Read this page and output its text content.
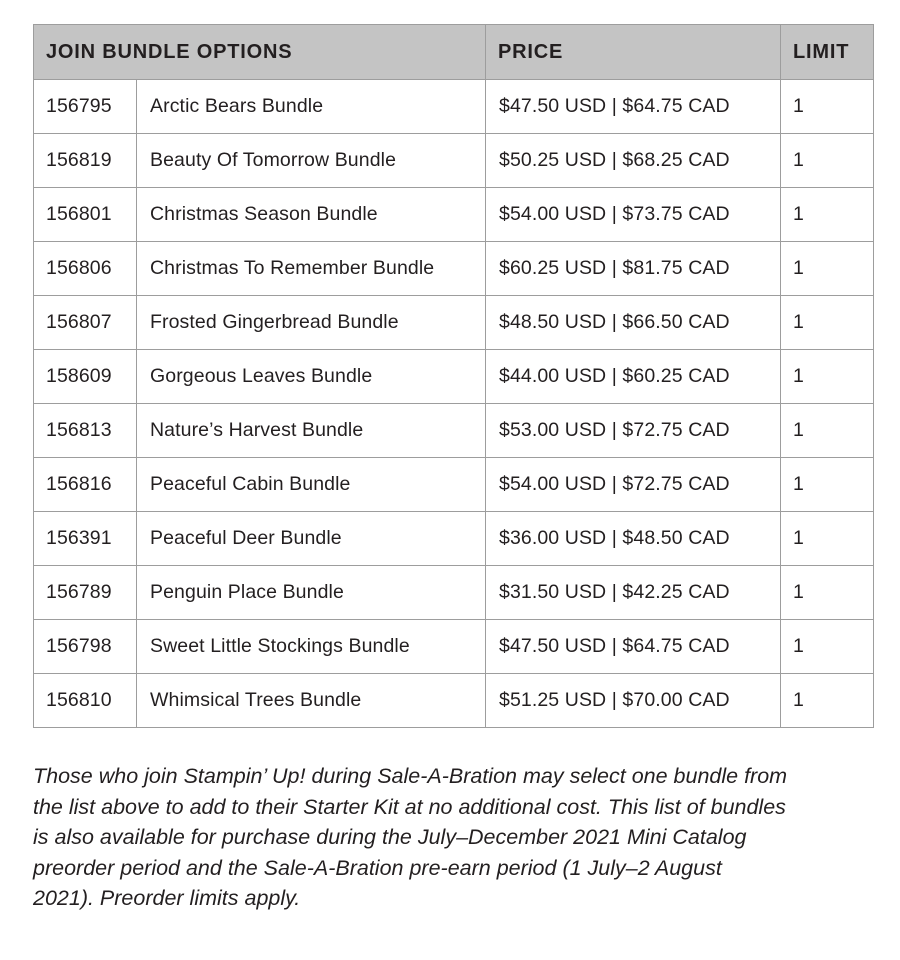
JOIN BUNDLE OPTIONS		PRICE	LIMIT
156795	Arctic Bears Bundle	$47.50 USD | $64.75 CAD	1
156819	Beauty Of Tomorrow Bundle	$50.25 USD | $68.25 CAD	1
156801	Christmas Season Bundle	$54.00 USD | $73.75 CAD	1
156806	Christmas To Remember Bundle	$60.25 USD | $81.75 CAD	1
156807	Frosted Gingerbread Bundle	$48.50 USD | $66.50 CAD	1
158609	Gorgeous Leaves Bundle	$44.00 USD | $60.25 CAD	1
156813	Nature’s Harvest Bundle	$53.00 USD | $72.75 CAD	1
156816	Peaceful Cabin Bundle	$54.00 USD | $72.75 CAD	1
156391	Peaceful Deer Bundle	$36.00 USD | $48.50 CAD	1
156789	Penguin Place Bundle	$31.50 USD | $42.25 CAD	1
156798	Sweet Little Stockings Bundle	$47.50 USD | $64.75 CAD	1
156810	Whimsical Trees Bundle	$51.25 USD | $70.00 CAD	1

Those who join Stampin’ Up! during Sale-A-Bration may select one bundle from
the list above to add to their Starter Kit at no additional cost. This list of bundles
is also available for purchase during the July–December 2021 Mini Catalog
preorder period and the Sale-A-Bration pre-earn period (1 July–2 August
2021). Preorder limits apply.
